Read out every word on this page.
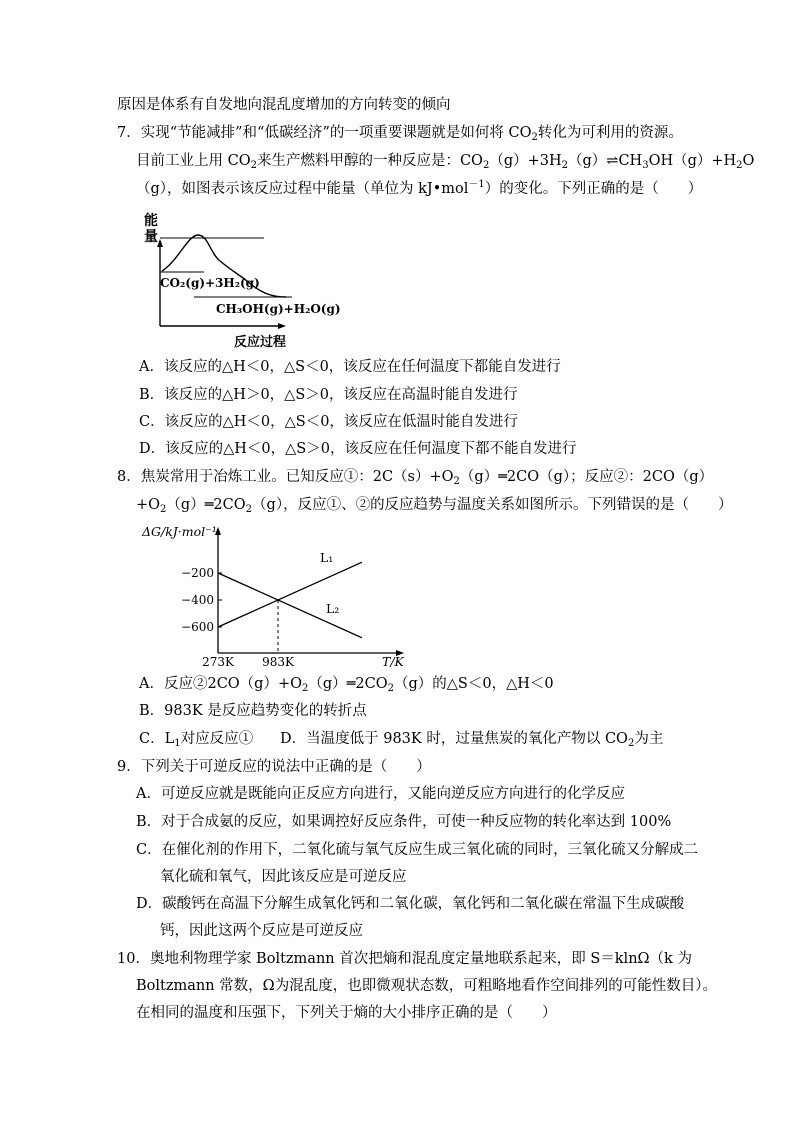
原因是体系有自发地向混乱度增加的方向转变的倾向
7．实现“节能减排”和“低碳经济”的一项重要课题就是如何将 $CO_2$转化为可利用的资源。
目前工业上用 $CO_2$来生产燃料甲醇的一种反应是：$CO_2(g)+3H_2(g)\rightleftharpoons CH_3OH(g)+H_2O$
（g），如图表示该反应过程中能量（单位为 kJ•mol$^{-1}$）的变化。下列正确的是（　　）
能
量
CO₂(g)+3H₂(g)
CH₃OH(g)+H₂O(g)
反应过程
A．该反应的△H＜0，△S＜0，该反应在任何温度下都能自发进行
B．该反应的△H＞0，△S＞0，该反应在高温时能自发进行
C．该反应的△H＜0，△S＜0，该反应在低温时能自发进行
D．该反应的△H＜0，△S＞0，该反应在任何温度下都不能自发进行
8．焦炭常用于冶炼工业。已知反应①：$2C(s)+O_2(g)═2CO(g)$；反应②：2CO（g）
$+O_2(g)═2CO_2(g)$，反应①、②的反应趋势与温度关系如图所示。下列错误的是（　　）
ΔG/kJ·mol⁻¹
L₁
L₂
−200
−400
−600
273K 983K	T/K
A．反应$②2CO(g)+O_2(g)═2CO_2(g)$的△S＜0，△H＜0
B．983K 是反应趋势变化的转折点
C．$L_1$对应反应① D．当温度低于 983K 时，过量焦炭的氧化产物以 $CO_2$为主
9．下列关于可逆反应的说法中正确的是（　　）
A．可逆反应就是既能向正反应方向进行，又能向逆反应方向进行的化学反应
B．对于合成氨的反应，如果调控好反应条件，可使一种反应物的转化率达到 100%
C．在催化剂的作用下，二氧化硫与氧气反应生成三氧化硫的同时，三氧化硫又分解成二
氧化硫和氧气，因此该反应是可逆反应
D．碳酸钙在高温下分解生成氧化钙和二氧化碳，氧化钙和二氧化碳在常温下生成碳酸
钙，因此这两个反应是可逆反应
10．奥地利物理学家 Boltzmann 首次把熵和混乱度定量地联系起来，即 S＝klnΩ（k 为
Boltzmann 常数，Ω为混乱度，也即微观状态数，可粗略地看作空间排列的可能性数目）。
在相同的温度和压强下，下列关于熵的大小排序正确的是（　　）
